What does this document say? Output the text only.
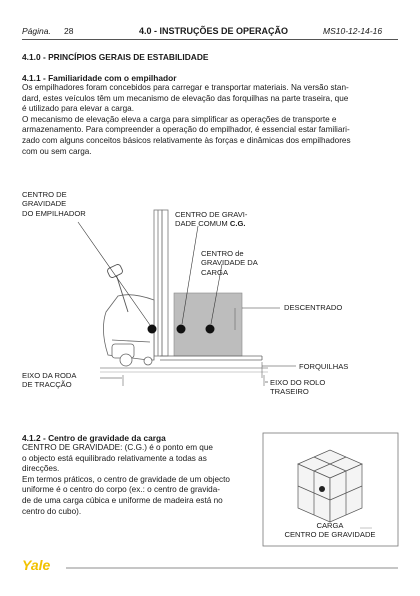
Página. 28	4.0 - INSTRUÇÕES DE OPERAÇÃO	MS10-12-14-16
4.1.0 - PRINCÍPIOS GERAIS DE ESTABILIDADE
4.1.1 - Familiaridade com o empilhador
Os empilhadores foram concebidos para carregar e transportar materiais. Na versão stan-
dard, estes veículos têm um mecanismo de elevação das forquilhas na parte traseira, que
é utilizado para elevar a carga.
O mecanismo de elevação eleva a carga para simplificar as operações de transporte e
armazenamento. Para compreender a operação do empilhador, é essencial estar familiari-
zado com alguns conceitos básicos relativamente às forças e dinâmicas dos empilhadores
com ou sem carga.
CENTRO DE
GRAVIDADE
DO EMPILHADOR	CENTRO DE GRAVI-
DADE COMUM C.G.
CENTRO de
GRAVIDADE DA
CARGA
DESCENTRADO
FORQUILHAS
EIXO DA RODA
DE TRACÇÃO	EIXO DO ROLO
TRASEIRO
4.1.2 - Centro de gravidade da carga
CENTRO DE GRAVIDADE: (C.G.) é o ponto em que
o objecto está equilibrado relativamente a todas as
direcções.
Em termos práticos, o centro de gravidade de um objecto
uniforme é o centro do corpo (ex.: o centro de gravida-
de de uma carga cúbica e uniforme de madeira está no
centro do cubo).
CARGA
CENTRO DE GRAVIDADE
Yale
